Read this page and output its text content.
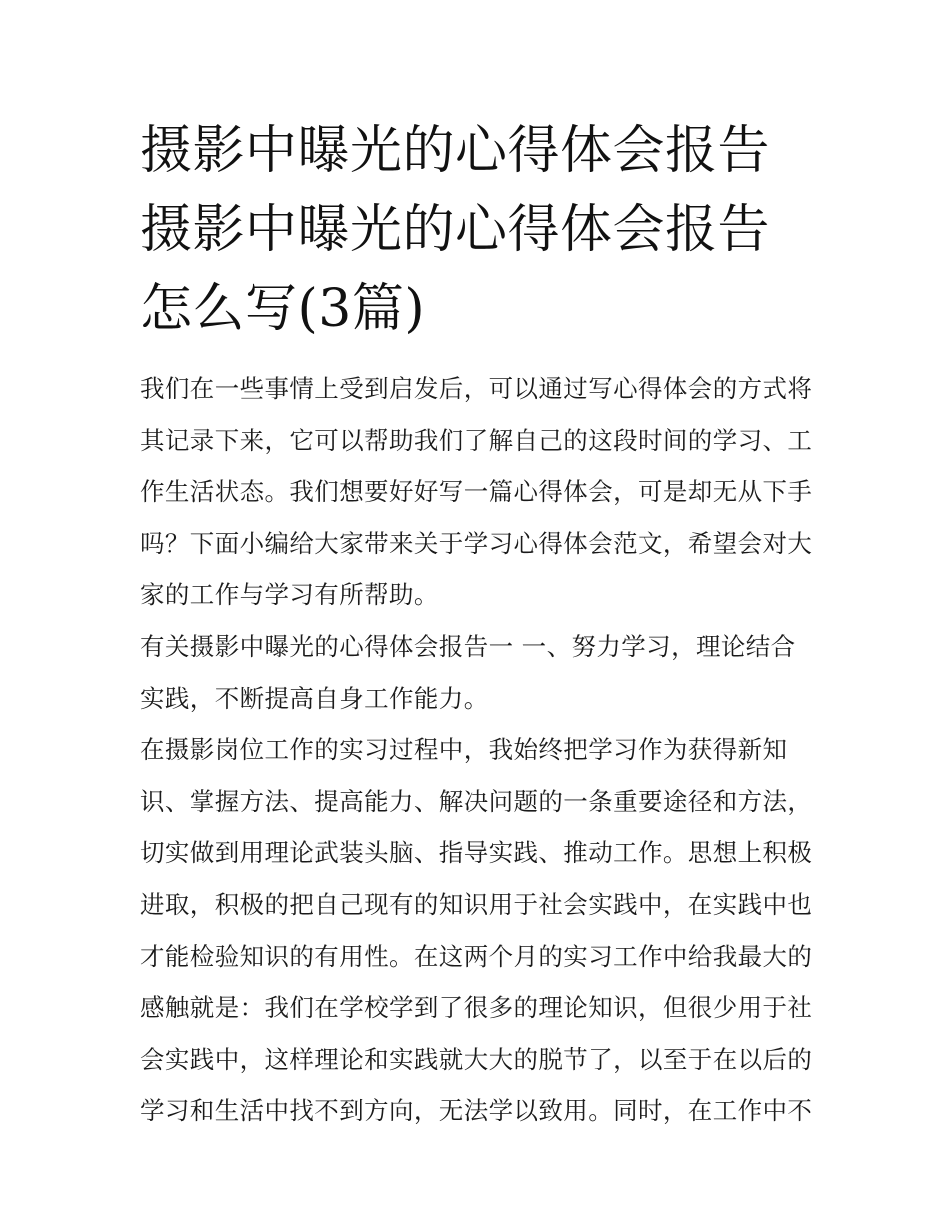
摄影中曝光的心得体会报告 摄影中曝光的心得体会报告怎么写(3篇)

我们在一些事情上受到启发后，可以通过写心得体会的方式将其记录下来，它可以帮助我们了解自己的这段时间的学习、工作生活状态。我们想要好好写一篇心得体会，可是却无从下手吗？下面小编给大家带来关于学习心得体会范文，希望会对大家的工作与学习有所帮助。

有关摄影中曝光的心得体会报告一 一、努力学习，理论结合实践，不断提高自身工作能力。

在摄影岗位工作的实习过程中，我始终把学习作为获得新知识、掌握方法、提高能力、解决问题的一条重要途径和方法，切实做到用理论武装头脑、指导实践、推动工作。思想上积极进取，积极的把自己现有的知识用于社会实践中，在实践中也才能检验知识的有用性。在这两个月的实习工作中给我最大的感触就是：我们在学校学到了很多的理论知识，但很少用于社会实践中，这样理论和实践就大大的脱节了，以至于在以后的学习和生活中找不到方向，无法学以致用。同时，在工作中不
